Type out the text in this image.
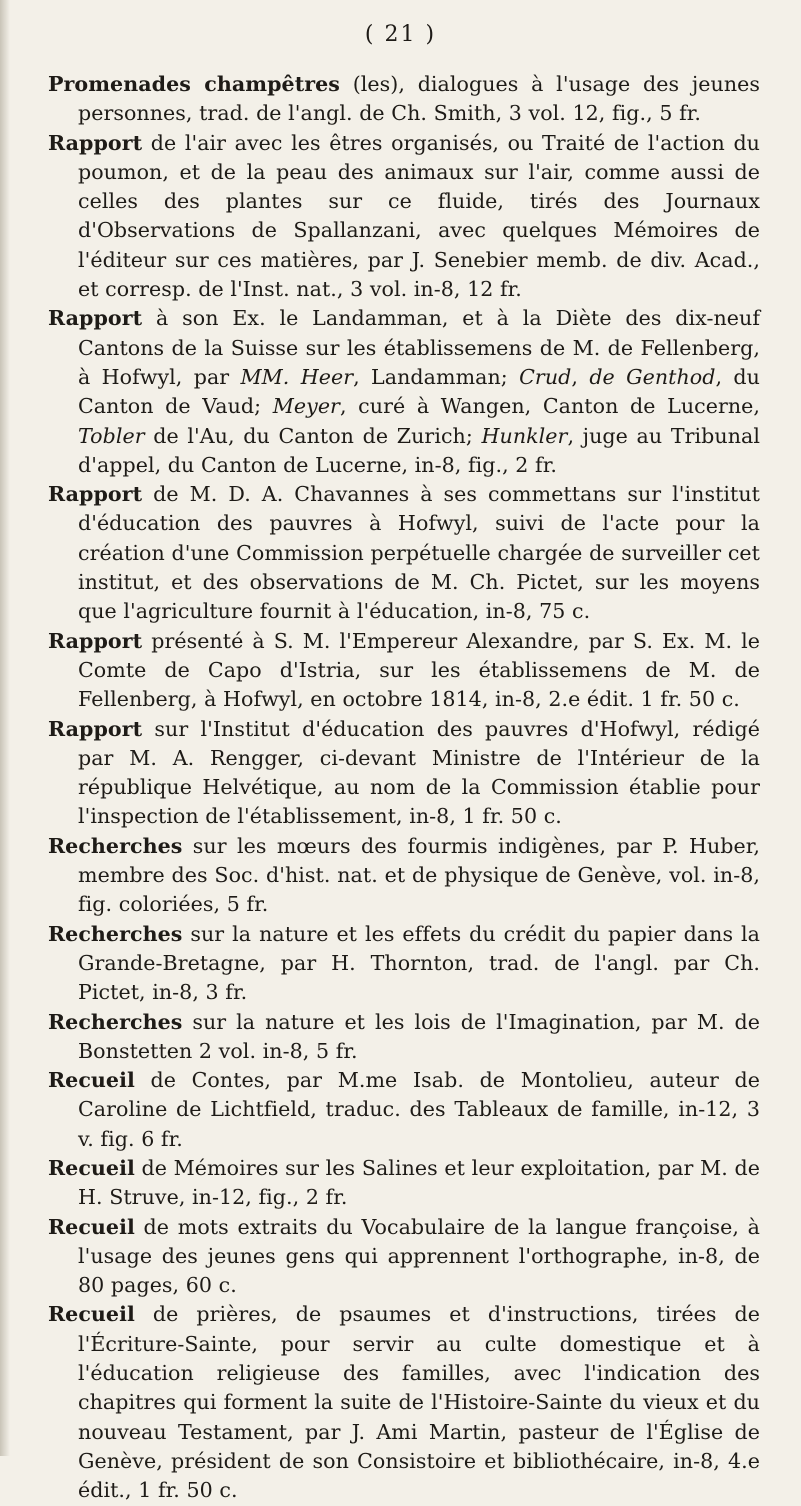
( 21 )

Promenades champêtres (les), dialogues à l'usage des jeunes personnes, trad. de l'angl. de Ch. Smith, 3 vol. 12, fig., 5 fr.

Rapport de l'air avec les êtres organisés, ou Traité de l'action du poumon, et de la peau des animaux sur l'air, comme aussi de celles des plantes sur ce fluide, tirés des Journaux d'Observations de Spallanzani, avec quelques Mémoires de l'éditeur sur ces matières, par J. Senebier memb. de div. Acad., et corresp. de l'Inst. nat., 3 vol. in-8, 12 fr.

Rapport à son Ex. le Landamman, et à la Diète des dix-neuf Cantons de la Suisse sur les établissemens de M. de Fellenberg, à Hofwyl, par MM. Heer, Landamman; Crud, de Genthod, du Canton de Vaud; Meyer, curé à Wangen, Canton de Lucerne, Tobler de l'Au, du Canton de Zurich; Hunkler, juge au Tribunal d'appel, du Canton de Lucerne, in-8, fig., 2 fr.

Rapport de M. D. A. Chavannes à ses commettans sur l'institut d'éducation des pauvres à Hofwyl, suivi de l'acte pour la création d'une Commission perpétuelle chargée de surveiller cet institut, et des observations de M. Ch. Pictet, sur les moyens que l'agriculture fournit à l'éducation, in-8, 75 c.

Rapport présenté à S. M. l'Empereur Alexandre, par S. Ex. M. le Comte de Capo d'Istria, sur les établissemens de M. de Fellenberg, à Hofwyl, en octobre 1814, in-8, 2.e édit. 1 fr. 50 c.

Rapport sur l'Institut d'éducation des pauvres d'Hofwyl, rédigé par M. A. Rengger, ci-devant Ministre de l'Intérieur de la république Helvétique, au nom de la Commission établie pour l'inspection de l'établissement, in-8, 1 fr. 50 c.

Recherches sur les mœurs des fourmis indigènes, par P. Huber, membre des Soc. d'hist. nat. et de physique de Genève, vol. in-8, fig. coloriées, 5 fr.

Recherches sur la nature et les effets du crédit du papier dans la Grande-Bretagne, par H. Thornton, trad. de l'angl. par Ch. Pictet, in-8, 3 fr.

Recherches sur la nature et les lois de l'Imagination, par M. de Bonstetten 2 vol. in-8, 5 fr.

Recueil de Contes, par M.me Isab. de Montolieu, auteur de Caroline de Lichtfield, traduc. des Tableaux de famille, in-12, 3 v. fig. 6 fr.

Recueil de Mémoires sur les Salines et leur exploitation, par M. de H. Struve, in-12, fig., 2 fr.

Recueil de mots extraits du Vocabulaire de la langue françoise, à l'usage des jeunes gens qui apprennent l'orthographe, in-8, de 80 pages, 60 c.

Recueil de prières, de psaumes et d'instructions, tirées de l'Écriture-Sainte, pour servir au culte domestique et à l'éducation religieuse des familles, avec l'indication des chapitres qui forment la suite de l'Histoire-Sainte du vieux et du nouveau Testament, par J. Ami Martin, pasteur de l'Église de Genève, président de son Consistoire et bibliothécaire, in-8, 4.e édit., 1 fr. 50 c.
